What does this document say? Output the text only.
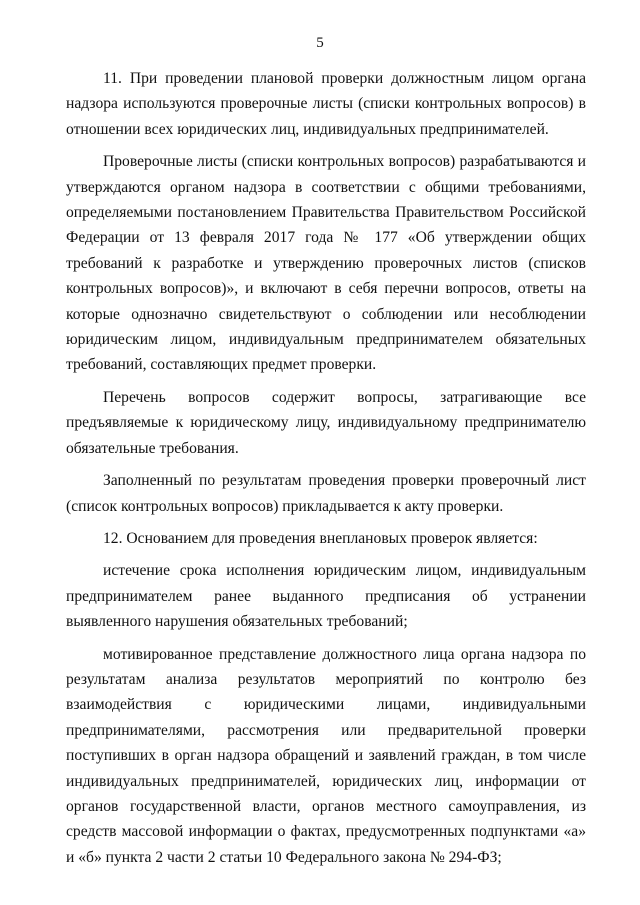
5

11. При проведении плановой проверки должностным лицом органа надзора используются проверочные листы (списки контрольных вопросов) в отношении всех юридических лиц, индивидуальных предпринимателей.

Проверочные листы (списки контрольных вопросов) разрабатываются и утверждаются органом надзора в соответствии с общими требованиями, определяемыми постановлением Правительства Правительством Российской Федерации от 13 февраля 2017 года № 177 «Об утверждении общих требований к разработке и утверждению проверочных листов (списков контрольных вопросов)», и включают в себя перечни вопросов, ответы на которые однозначно свидетельствуют о соблюдении или несоблюдении юридическим лицом, индивидуальным предпринимателем обязательных требований, составляющих предмет проверки.

Перечень вопросов содержит вопросы, затрагивающие все предъявляемые к юридическому лицу, индивидуальному предпринимателю обязательные требования.

Заполненный по результатам проведения проверки проверочный лист (список контрольных вопросов) прикладывается к акту проверки.

12. Основанием для проведения внеплановых проверок является:

истечение срока исполнения юридическим лицом, индивидуальным предпринимателем ранее выданного предписания об устранении выявленного нарушения обязательных требований;

мотивированное представление должностного лица органа надзора по результатам анализа результатов мероприятий по контролю без взаимодействия с юридическими лицами, индивидуальными предпринимателями, рассмотрения или предварительной проверки поступивших в орган надзора обращений и заявлений граждан, в том числе индивидуальных предпринимателей, юридических лиц, информации от органов государственной власти, органов местного самоуправления, из средств массовой информации о фактах, предусмотренных подпунктами «а» и «б» пункта 2 части 2 статьи 10 Федерального закона № 294-ФЗ;
